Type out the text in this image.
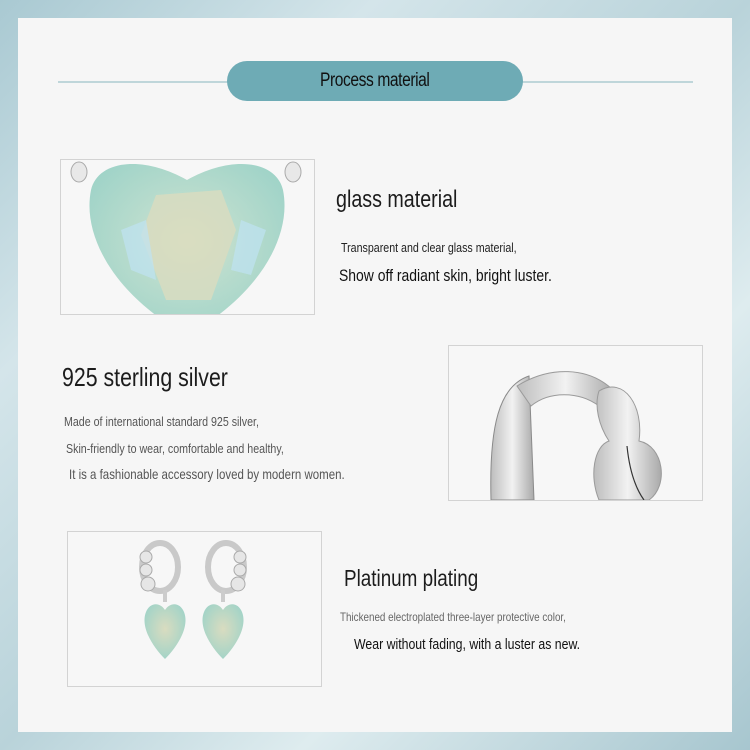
Process material
glass material
Transparent and clear glass material,
Show off radiant skin, bright luster.
925 sterling silver
Made of international standard 925 silver,
Skin-friendly to wear, comfortable and healthy,
It is a fashionable accessory loved by modern women.
Platinum plating
Thickened electroplated three-layer protective color,
Wear without fading, with a luster as new.
